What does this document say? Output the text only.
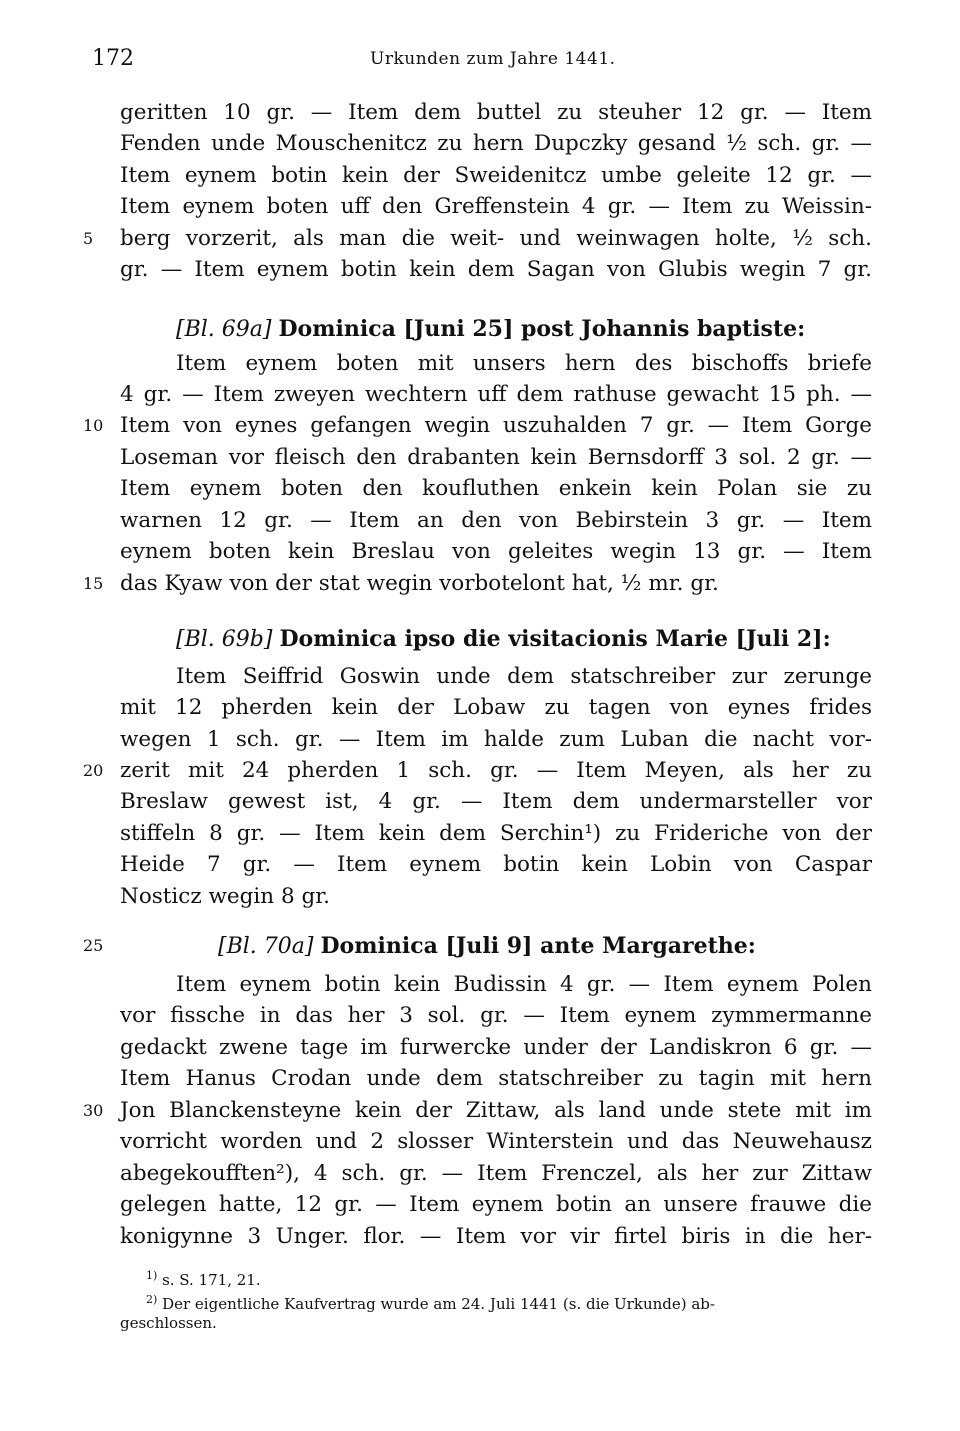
172	Urkunden zum Jahre 1441.
geritten 10 gr. — Item dem buttel zu steuher 12 gr. — Item
Fenden unde Mouschenitcz zu hern Dupczky gesand ½ sch. gr. —
Item eynem botin kein der Sweidenitcz umbe geleite 12 gr. —
Item eynem boten uff den Greffenstein 4 gr. — Item zu Weissin-
berg vorzerit, als man die weit- und weinwagen holte, ½ sch.
gr. — Item eynem botin kein dem Sagan von Glubis wegin 7 gr.
[Bl. 69a] Dominica [Juni 25] post Johannis baptiste:
Item eynem boten mit unsers hern des bischoffs briefe
4 gr. — Item zweyen wechtern uff dem rathuse gewacht 15 ph. —
Item von eynes gefangen wegin uszuhalden 7 gr. — Item Gorge
Loseman vor fleisch den drabanten kein Bernsdorff 3 sol. 2 gr. —
Item eynem boten den koufluthen enkein kein Polan sie zu
warnen 12 gr. — Item an den von Bebirstein 3 gr. — Item
eynem boten kein Breslau von geleites wegin 13 gr. — Item
das Kyaw von der stat wegin vorbotelont hat, ½ mr. gr.
[Bl. 69b] Dominica ipso die visitacionis Marie [Juli 2]:
Item Seiffrid Goswin unde dem statschreiber zur zerunge
mit 12 pherden kein der Lobaw zu tagen von eynes frides
wegen 1 sch. gr. — Item im halde zum Luban die nacht vor-
zerit mit 24 pherden 1 sch. gr. — Item Meyen, als her zu
Breslaw gewest ist, 4 gr. — Item dem undermarsteller vor
stiffeln 8 gr. — Item kein dem Serchin¹) zu Frideriche von der
Heide 7 gr. — Item eynem botin kein Lobin von Caspar
Nosticz wegin 8 gr.
[Bl. 70a] Dominica [Juli 9] ante Margarethe:
Item eynem botin kein Budissin 4 gr. — Item eynem Polen
vor fissche in das her 3 sol. gr. — Item eynem zymmermanne
gedackt zwene tage im furwercke under der Landiskron 6 gr. —
Item Hanus Crodan unde dem statschreiber zu tagin mit hern
Jon Blanckensteyne kein der Zittaw, als land unde stete mit im
vorricht worden und 2 slosser Winterstein und das Neuwehausz
abegekoufften²), 4 sch. gr. — Item Frenczel, als her zur Zittaw
gelegen hatte, 12 gr. — Item eynem botin an unsere frauwe die
konigynne 3 Unger. flor. — Item vor vir firtel biris in die her-
5
10
15
20
25
30
$^{1)}$ s. S. 171, 21.
$^{2)}$ Der eigentliche Kaufvertrag wurde am 24. Juli 1441 (s. die Urkunde) ab-
geschlossen.
